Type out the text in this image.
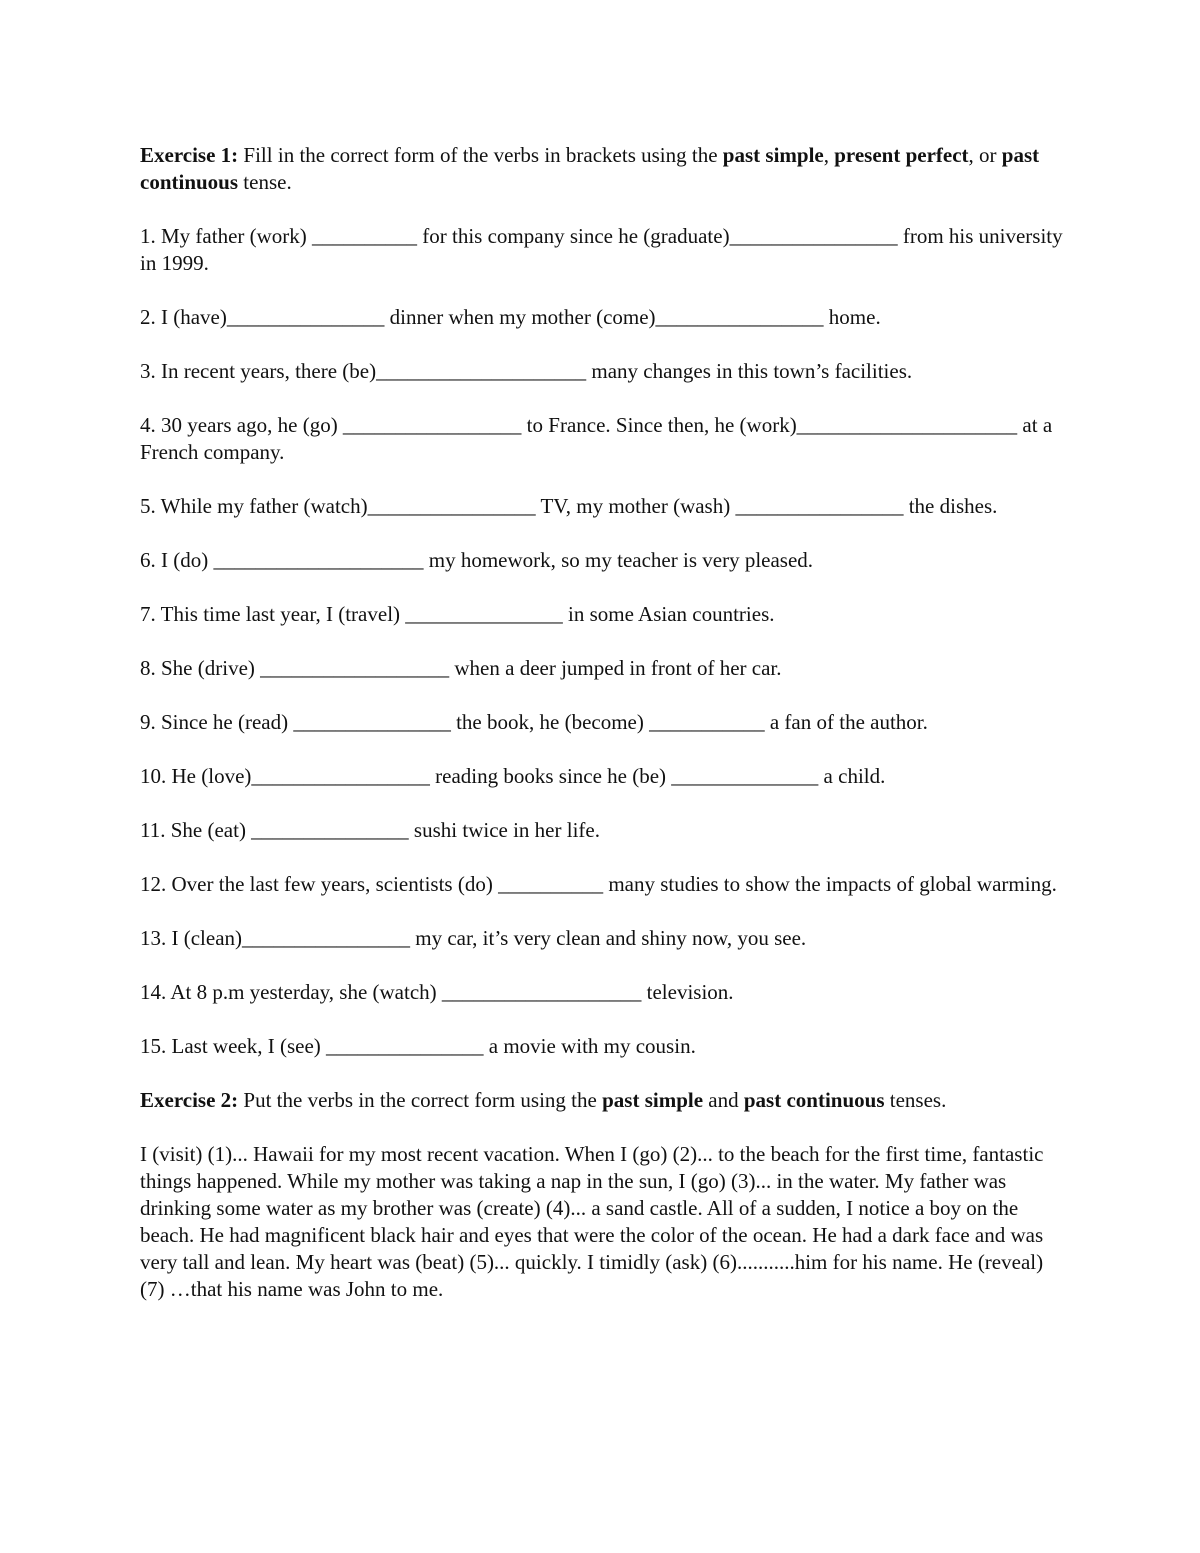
Exercise 1: Fill in the correct form of the verbs in brackets using the past simple, present perfect, or past continuous tense.

1. My father (work) __________ for this company since he (graduate)________________ from his university in 1999.

2. I (have)_______________ dinner when my mother (come)________________ home.

3. In recent years, there (be)____________________ many changes in this town’s facilities.

4. 30 years ago, he (go) _________________ to France. Since then, he (work)_____________________ at a French company.

5. While my father (watch)________________ TV, my mother (wash) ________________ the dishes.

6. I (do) ____________________ my homework, so my teacher is very pleased.

7. This time last year, I (travel) _______________ in some Asian countries.

8. She (drive) __________________ when a deer jumped in front of her car.

9. Since he (read) _______________ the book, he (become) ___________ a fan of the author.

10. He (love)_________________ reading books since he (be) ______________ a child.

11. She (eat) _______________ sushi twice in her life.

12. Over the last few years, scientists (do) __________ many studies to show the impacts of global warming.

13. I (clean)________________ my car, it’s very clean and shiny now, you see.

14. At 8 p.m yesterday, she (watch) ___________________ television.

15. Last week, I (see) _______________ a movie with my cousin.

Exercise 2: Put the verbs in the correct form using the past simple and past continuous tenses.

I (visit) (1)... Hawaii for my most recent vacation. When I (go) (2)... to the beach for the first time, fantastic things happened. While my mother was taking a nap in the sun, I (go) (3)... in the water. My father was drinking some water as my brother was (create) (4)... a sand castle. All of a sudden, I notice a boy on the beach. He had magnificent black hair and eyes that were the color of the ocean. He had a dark face and was very tall and lean. My heart was (beat) (5)... quickly. I timidly (ask) (6)...........him for his name. He (reveal) (7) …that his name was John to me.
